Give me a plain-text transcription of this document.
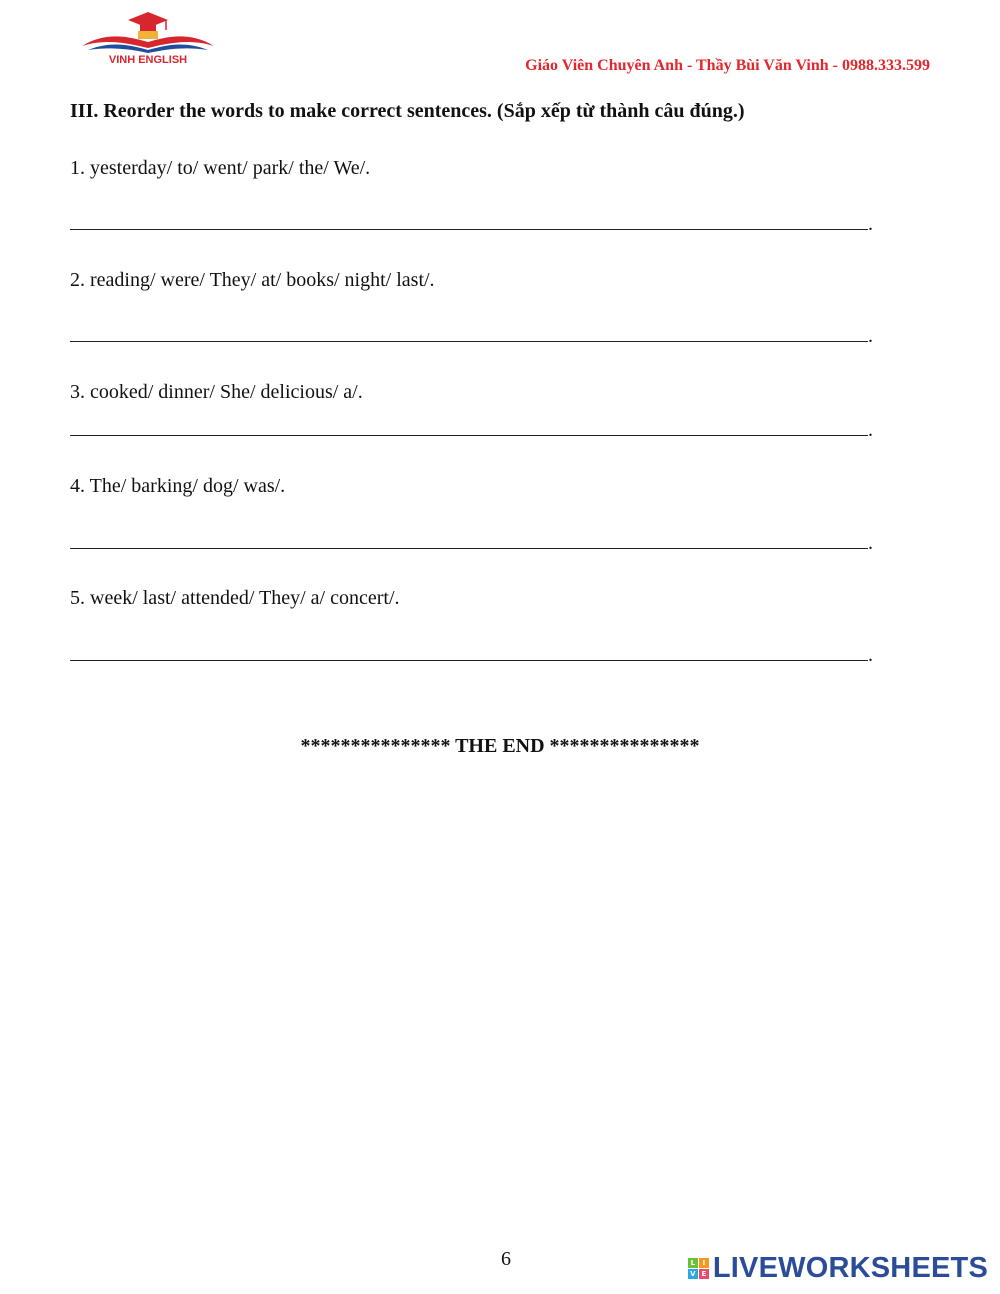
VINH ENGLISH	Giáo Viên Chuyên Anh - Thầy Bùi Văn Vinh - 0988.333.599
III. Reorder the words to make correct sentences. (Sắp xếp từ thành câu đúng.)
1. yesterday/ to/ went/ park/ the/ We/.
.
2. reading/ were/ They/ at/ books/ night/ last/.
.
3. cooked/ dinner/ She/ delicious/ a/.
.
4. The/ barking/ dog/ was/.
.
5. week/ last/ attended/ They/ a/ concert/.
.
*************** THE END ***************
6	L	I
V E LIVEWORKSHEETS
